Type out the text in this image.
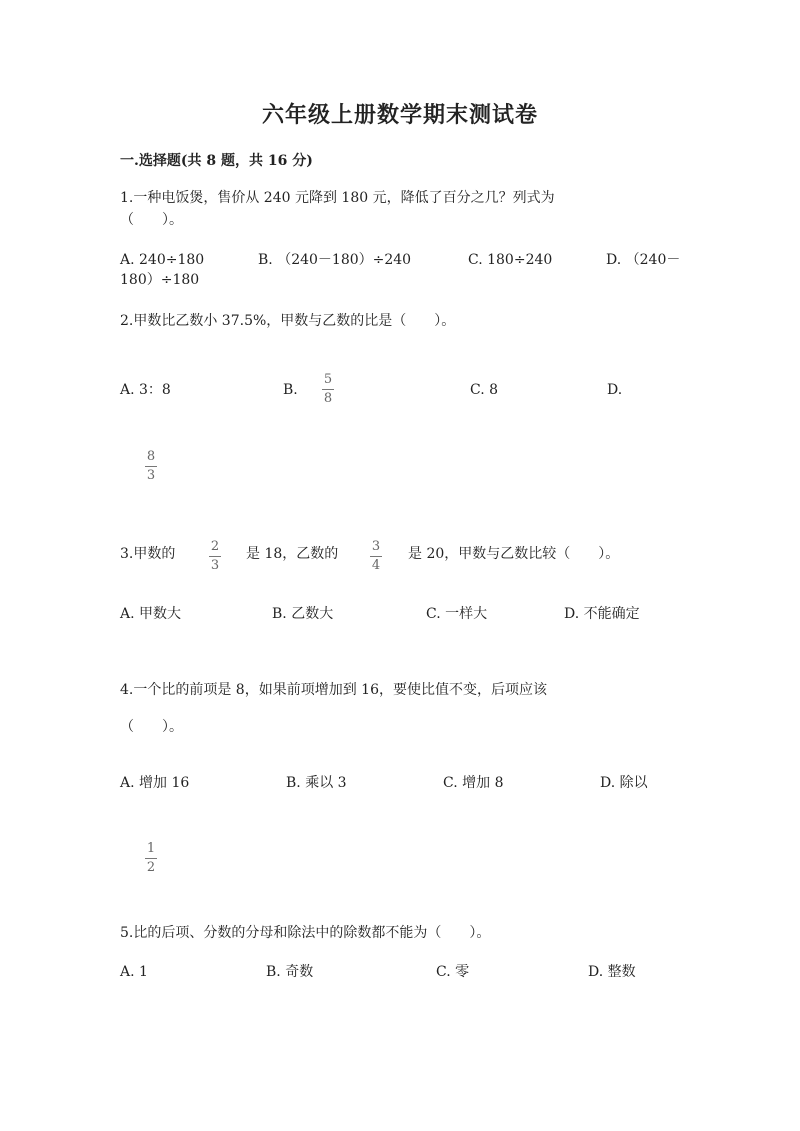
六年级上册数学期末测试卷
一.选择题(共 8 题，共 16 分)
1.一种电饭煲，售价从 240 元降到 180 元，降低了百分之几？列式为
（　　）。
A. 240÷180	B. （240－180）÷240	C. 180÷240	D. （240－
180）÷180
2.甲数比乙数小 37.5%，甲数与乙数的比是（　　）。
A. 3：8	B.
5
8
C. 8	D.
8
3
3.甲数的	2
3
是 18，乙数的	3
4
是 20，甲数与乙数比较（　　）。
A. 甲数大	B. 乙数大	C. 一样大	D. 不能确定
4.一个比的前项是 8，如果前项增加到 16，要使比值不变，后项应该
（　　）。
A. 增加 16	B. 乘以 3	C. 增加 8	D. 除以
1
2
5.比的后项、分数的分母和除法中的除数都不能为（　　）。
A. 1	B. 奇数	C. 零	D. 整数
